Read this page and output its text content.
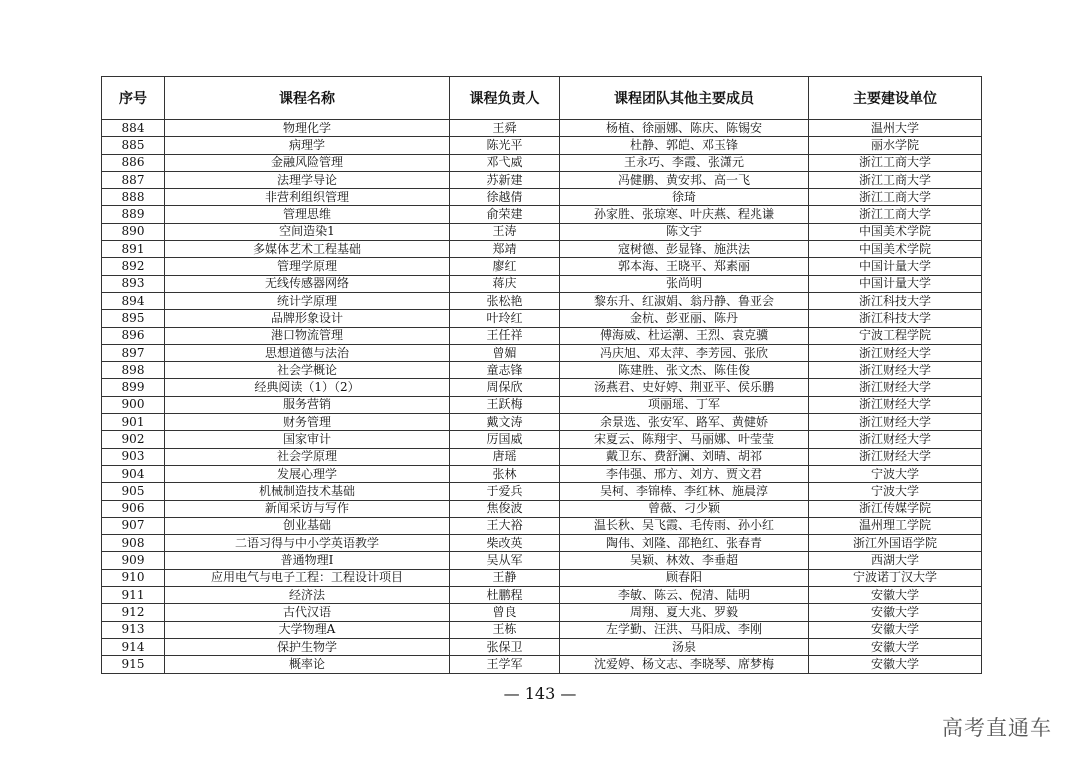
序号	课程名称	课程负责人	课程团队其他主要成员	主要建设单位
884	物理化学	王舜	杨植、徐丽娜、陈庆、陈锡安	温州大学
885	病理学	陈光平	杜静、郭皑、邓玉锋	丽水学院
886	金融风险管理	邓弋威	王永巧、李霞、张潇元	浙江工商大学
887	法理学导论	苏新建	冯健鹏、黄安邦、高一飞	浙江工商大学
888	非营利组织管理	徐越倩	徐琦	浙江工商大学
889	管理思维	俞荣建	孙家胜、张琼寒、叶庆燕、程兆谦	浙江工商大学
890	空间造染1	王涛	陈文宇	中国美术学院
891	多媒体艺术工程基础	郑靖	寇树德、彭显锋、施洪法	中国美术学院
892	管理学原理	廖红	郭本海、王晓平、郑素丽	中国计量大学
893	无线传感器网络	蒋庆	张尚明	中国计量大学
894	统计学原理	张松艳	黎东升、红淑娟、翁丹静、鲁亚会	浙江科技大学
895	品牌形象设计	叶玲红	金杭、彭亚丽、陈丹	浙江科技大学
896	港口物流管理	王任祥	傅海威、杜运潮、王烈、袁克骥	宁波工程学院
897	思想道德与法治	曾媚	冯庆旭、邓太萍、李芳园、张欣	浙江财经大学
898	社会学概论	童志锋	陈建胜、张文杰、陈佳俊	浙江财经大学
899	经典阅读（1）（2）	周保欣	汤燕君、史好婷、荆亚平、侯乐鹏	浙江财经大学
900	服务营销	王跃梅	项丽瑶、丁军	浙江财经大学
901	财务管理	戴文涛	余景选、张安军、路军、黄健娇	浙江财经大学
902	国家审计	厉国威	宋夏云、陈翔宇、马丽娜、叶莹莹	浙江财经大学
903	社会学原理	唐瑶	戴卫东、费舒澜、刘晴、胡祁	浙江财经大学
904	发展心理学	张林	李伟强、邢方、刘方、贾文君	宁波大学
905	机械制造技术基础	于爱兵	吴柯、李锦棒、李红林、施晨淳	宁波大学
906	新闻采访与写作	焦俊波	曾薇、刁少颖	浙江传媒学院
907	创业基础	王大裕	温长秋、吴飞霞、毛传雨、孙小红	温州理工学院
908	二语习得与中小学英语教学	柴改英	陶伟、刘隆、邵艳红、张春青	浙江外国语学院
909	普通物理Ⅰ	吴从军	吴颖、林效、李垂超	西湖大学
910	应用电气与电子工程：工程设计项目	王静	顾春阳	宁波诺丁汉大学
911	经济法	杜鹏程	李敏、陈云、倪清、陆明	安徽大学
912	古代汉语	曾良	周翔、夏大兆、罗毅	安徽大学
913	大学物理A	王栋	左学勤、汪洪、马阳成、李刚	安徽大学
914	保护生物学	张保卫	汤泉	安徽大学
915	概率论	王学军	沈爱婷、杨文志、李晓琴、席梦梅	安徽大学
— 143 —
高考直通车
